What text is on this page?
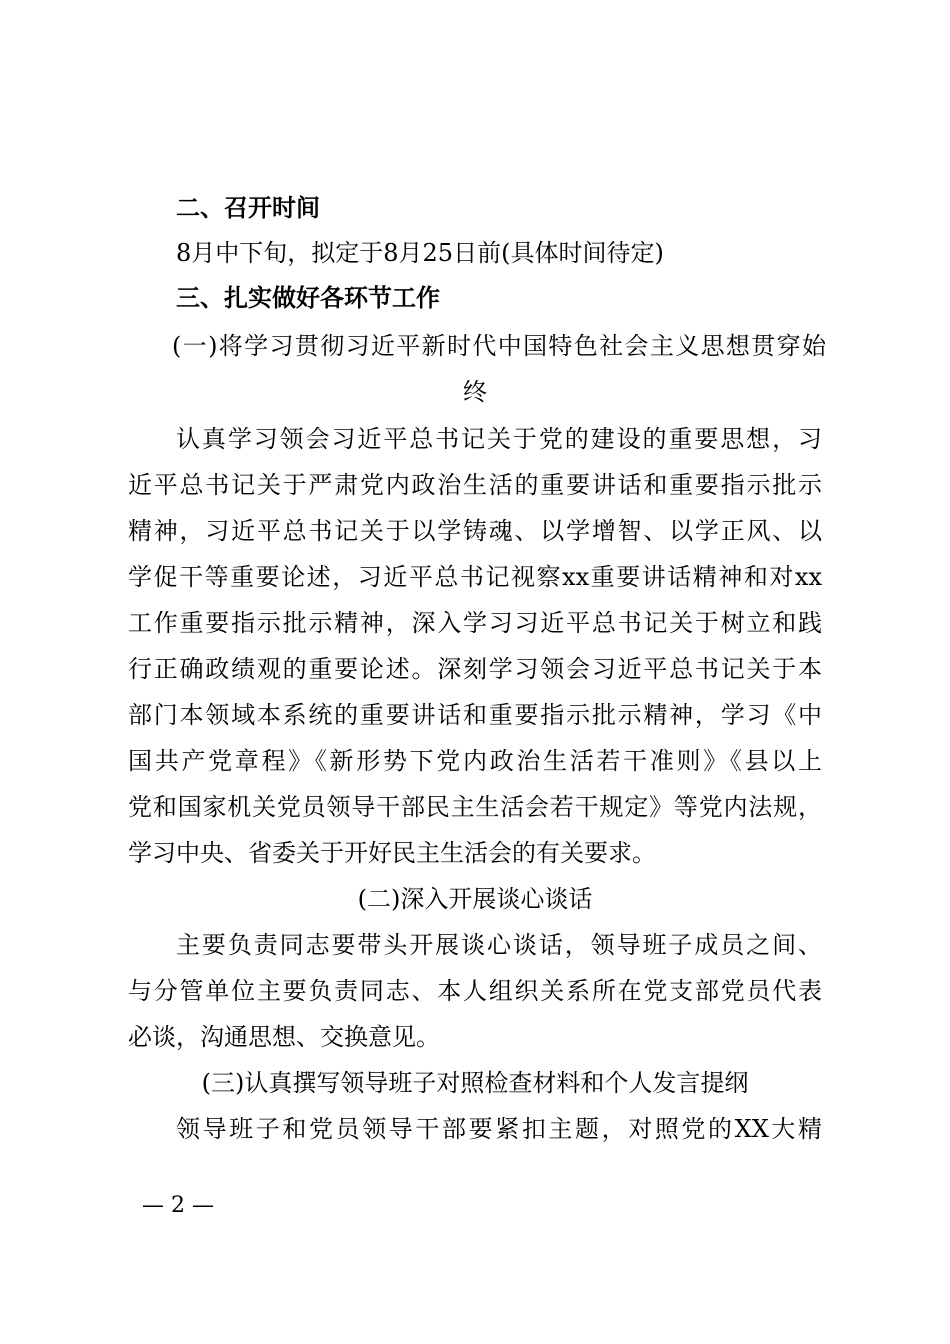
二、召开时间

8月中下旬，拟定于8月25日前(具体时间待定)

三、扎实做好各环节工作

(一)将学习贯彻习近平新时代中国特色社会主义思想贯穿始

终

认真学习领会习近平总书记关于党的建设的重要思想，习

近平总书记关于严肃党内政治生活的重要讲话和重要指示批示

精神，习近平总书记关于以学铸魂、以学增智、以学正风、以

学促干等重要论述，习近平总书记视察xx重要讲话精神和对xx

工作重要指示批示精神，深入学习习近平总书记关于树立和践

行正确政绩观的重要论述。深刻学习领会习近平总书记关于本

部门本领域本系统的重要讲话和重要指示批示精神，学习《中

国共产党章程》《新形势下党内政治生活若干准则》《县以上

党和国家机关党员领导干部民主生活会若干规定》等党内法规，

学习中央、省委关于开好民主生活会的有关要求。

(二)深入开展谈心谈话

主要负责同志要带头开展谈心谈话，领导班子成员之间、

与分管单位主要负责同志、本人组织关系所在党支部党员代表

必谈，沟通思想、交换意见。

(三)认真撰写领导班子对照检查材料和个人发言提纲

领导班子和党员领导干部要紧扣主题，对照党的XX大精

— 2 —
